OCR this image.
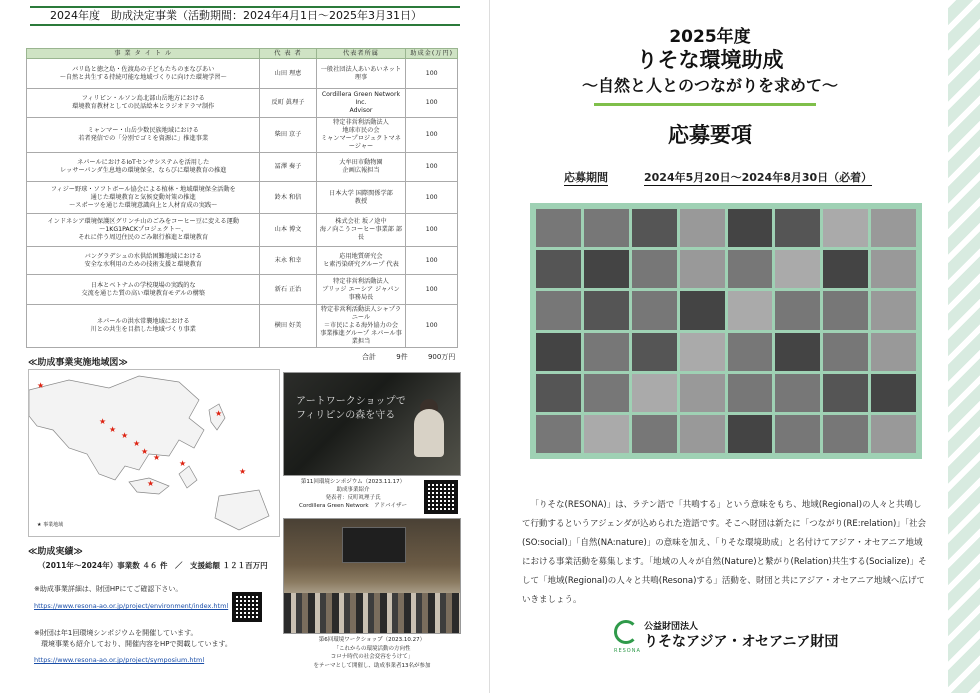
2024年度　助成決定事業（活動期間：2024年4月1日～2025年3月31日）
事 業 タ イ ト ル	代 表 者	代表者所属	助成金(万円)
バリ島と徳之島・佐渡島の子どもたちのまなびあい
～自然と共生する持続可能な地域づくりに向けた環境学習～	山田 理恵	一般社団法人あいあいネット
理事	100
フィリピン・ルソン島北部山岳地方における
環境教育教材としての民話絵本とラジオドラマ制作	反町 眞理子	Cordillera Green Network Inc.
Advisor	100
ミャンマー・山岳少数民族地域における
若者発信での「分別でゴミを資源に」推進事業	柴田 京子	特定非営利活動法人
地球市民の会
ミャンマープロジェクトマネージャー	100
ネパールにおけるIoTセンサシステムを活用した
レッサーパンダ生息地の環境保全、ならびに環境教育の推進	冨澤 奏子	大牟田市動物園
企画広報担当	100
フィジー野球・ソフトボール協会による植林・地域環境保全活動を
通じた環境教育と気候変動対策の推進
～スポーツを通じた環境意識向上と人材育成の実践～	鈴木 和信	日本大学 国際関係学部
教授	100
インドネシア環境保護区グリンチ山のごみをコーヒー豆に変える運動
～1KG1PACKプロジェクト～、
それに伴う周辺住民のごみ銀行推進と環境教育	山本 博文	株式会社 坂ノ途中
海ノ向こうコーヒー事業部 部長	100
バングラデシュの水供給困難地域における
安全な水利用のための技術支援と環境教育	末永 和幸	応用地質研究会
ヒ素汚染研究グループ 代表	100
日本とベトナムの学校現場の実践的な
交流を通じた質の高い環境教育モデルの構築	新石 正治	特定非営利活動法人
ブリッジ エーシア ジャパン
事務局長	100
ネパールの洪水常襲地域における
川との共生を目指した地域づくり事業	横田 好美	特定非営利活動法人シャプラニール
＝市民による海外協力の会
事業推進グループ ネパール事業担当	100
合計	9件	900万円
≪助成事業実施地域図≫
★
★
★
★
★
★
★
★
★
★
★
★ 事業地域
アートワークショップで
フィリピンの森を守る
第11回環境シンポジウム（2023.11.17）
助成事業紹介
発表者：反町眞理子氏
Cordillera Green Network　アドバイザー
第6回環境ワークショップ（2023.10.27）
「これからの環境活動の方向性
コロナ時代の社会変容をうけて」
をテーマとして開催し、助成事業者13名が参加
≪助成実績≫
（2011年～2024年）事業数 ４６ 件　／　支援総額 １２１百万円
※助成事業詳細は、財団HPにてご確認下さい。
https://www.resona-ao.or.jp/project/environment/index.html
※財団は年1回環境シンポジウムを開催しています。
　環境事業も紹介しており、開催内容をHPで掲載しています。
https://www.resona-ao.or.jp/project/symposium.html
2025年度
りそな環境助成
～自然と人とのつながりを求めて～
応募要項
応募期間	2024年5月20日～2024年8月30日（必着）
「りそな(RESONA)」は、ラテン語で「共鳴する」という意味をもち、地域(Regional)の人々と共鳴して行動するというアジェンダが込められた造語です。そこへ財団は新たに「つながり(RE:relation)」「社会(SO:social)」「自然(NA:nature)」の意味を加え、「りそな環境助成」と名付けてアジア・オセアニア地域における事業活動を募集します。「地域の人々が自然(Nature)と繋がり(Relation)共生する(Socialize)」そして「地域(Regional)の人々と共鳴(Resona)する」活動を、財団と共にアジア・オセアニア地域へ広げていきましょう。
RESONA
公益財団法人
りそなアジア・オセアニア財団
